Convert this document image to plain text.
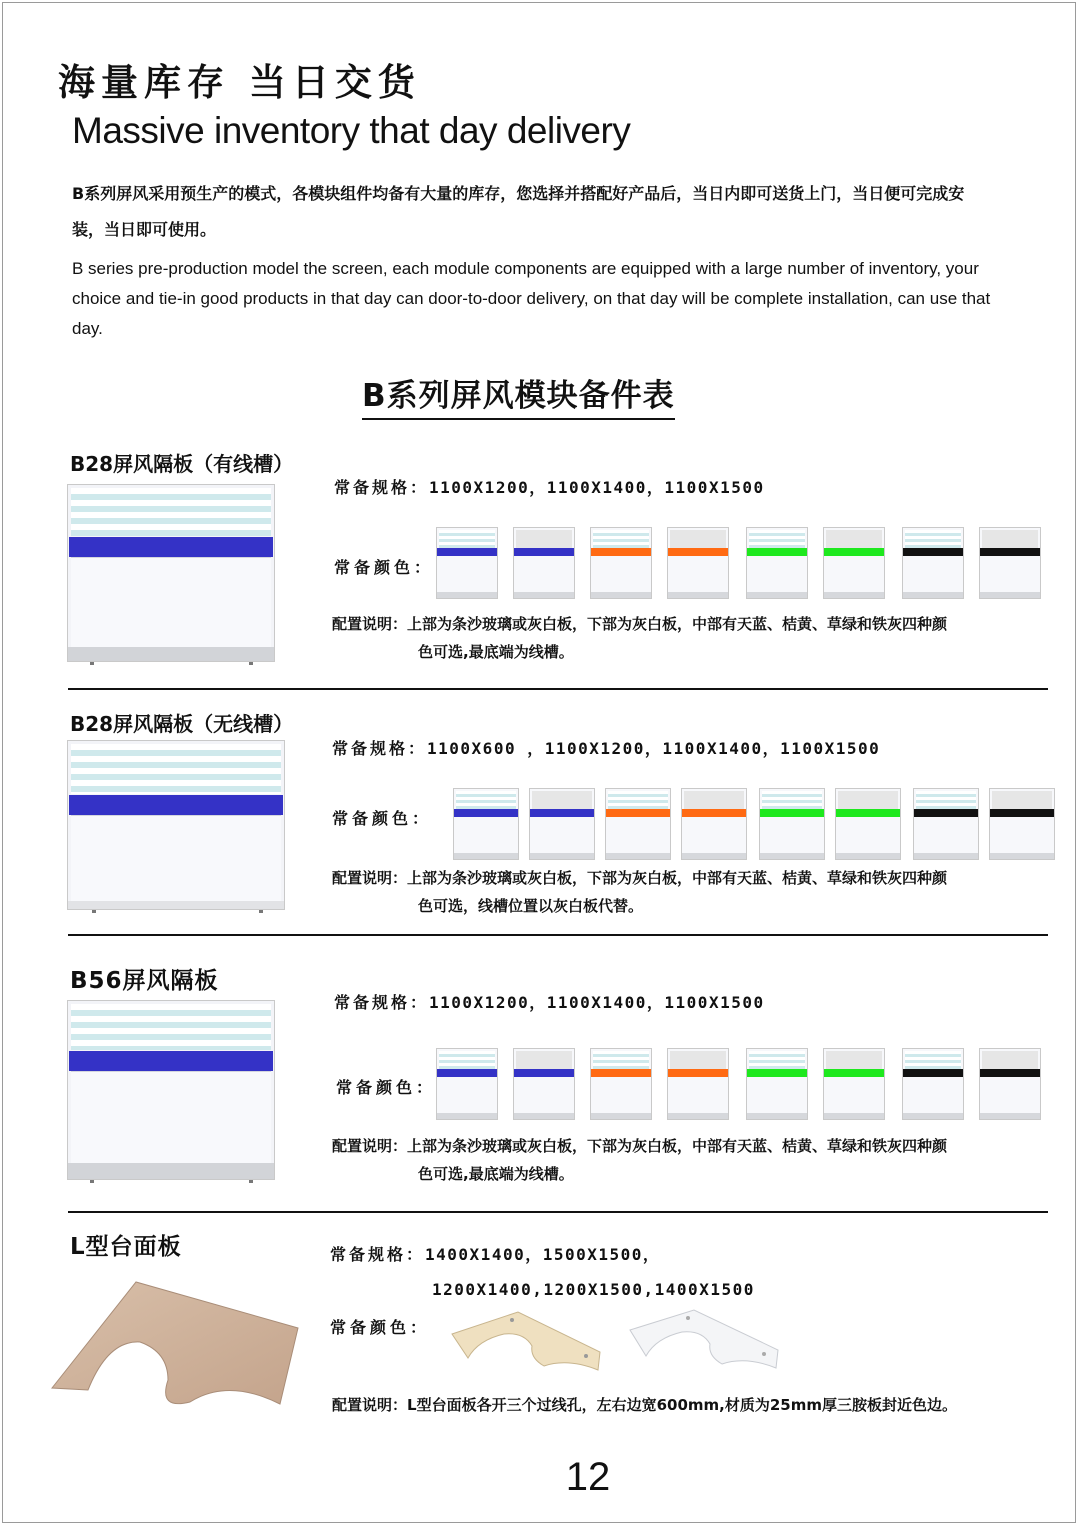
海量库存 当日交货
Massive inventory that day delivery
B系列屏风采用预生产的模式，各模块组件均备有大量的库存，您选择并搭配好产品后，当日内即可送货上门，当日便可完成安装，当日即可使用。
B series pre-production model the screen, each module components are equipped with a large number of inventory, your choice and tie-in good products in that day can door-to-door delivery, on that day will be complete installation, can use that day.
B系列屏风模块备件表
B28屏风隔板（有线槽）
常备规格：1100X1200，1100X1400，1100X1500
常备颜色：
配置说明：上部为条沙玻璃或灰白板，下部为灰白板，中部有天蓝、桔黄、草绿和铁灰四种颜
色可选,最底端为线槽。
B28屏风隔板（无线槽）
常备规格：1100X600 ，1100X1200，1100X1400，1100X1500
常备颜色：
配置说明：上部为条沙玻璃或灰白板，下部为灰白板，中部有天蓝、桔黄、草绿和铁灰四种颜
色可选，线槽位置以灰白板代替。
B56屏风隔板
常备规格：1100X1200，1100X1400，1100X1500
常备颜色：
配置说明：上部为条沙玻璃或灰白板，下部为灰白板，中部有天蓝、桔黄、草绿和铁灰四种颜
色可选,最底端为线槽。
L型台面板	常备规格：1400X1400，1500X1500，
1200X1400,1200X1500,1400X1500
常备颜色：
配置说明：L型台面板各开三个过线孔，左右边宽600mm,材质为25mm厚三胺板封近色边。
12
